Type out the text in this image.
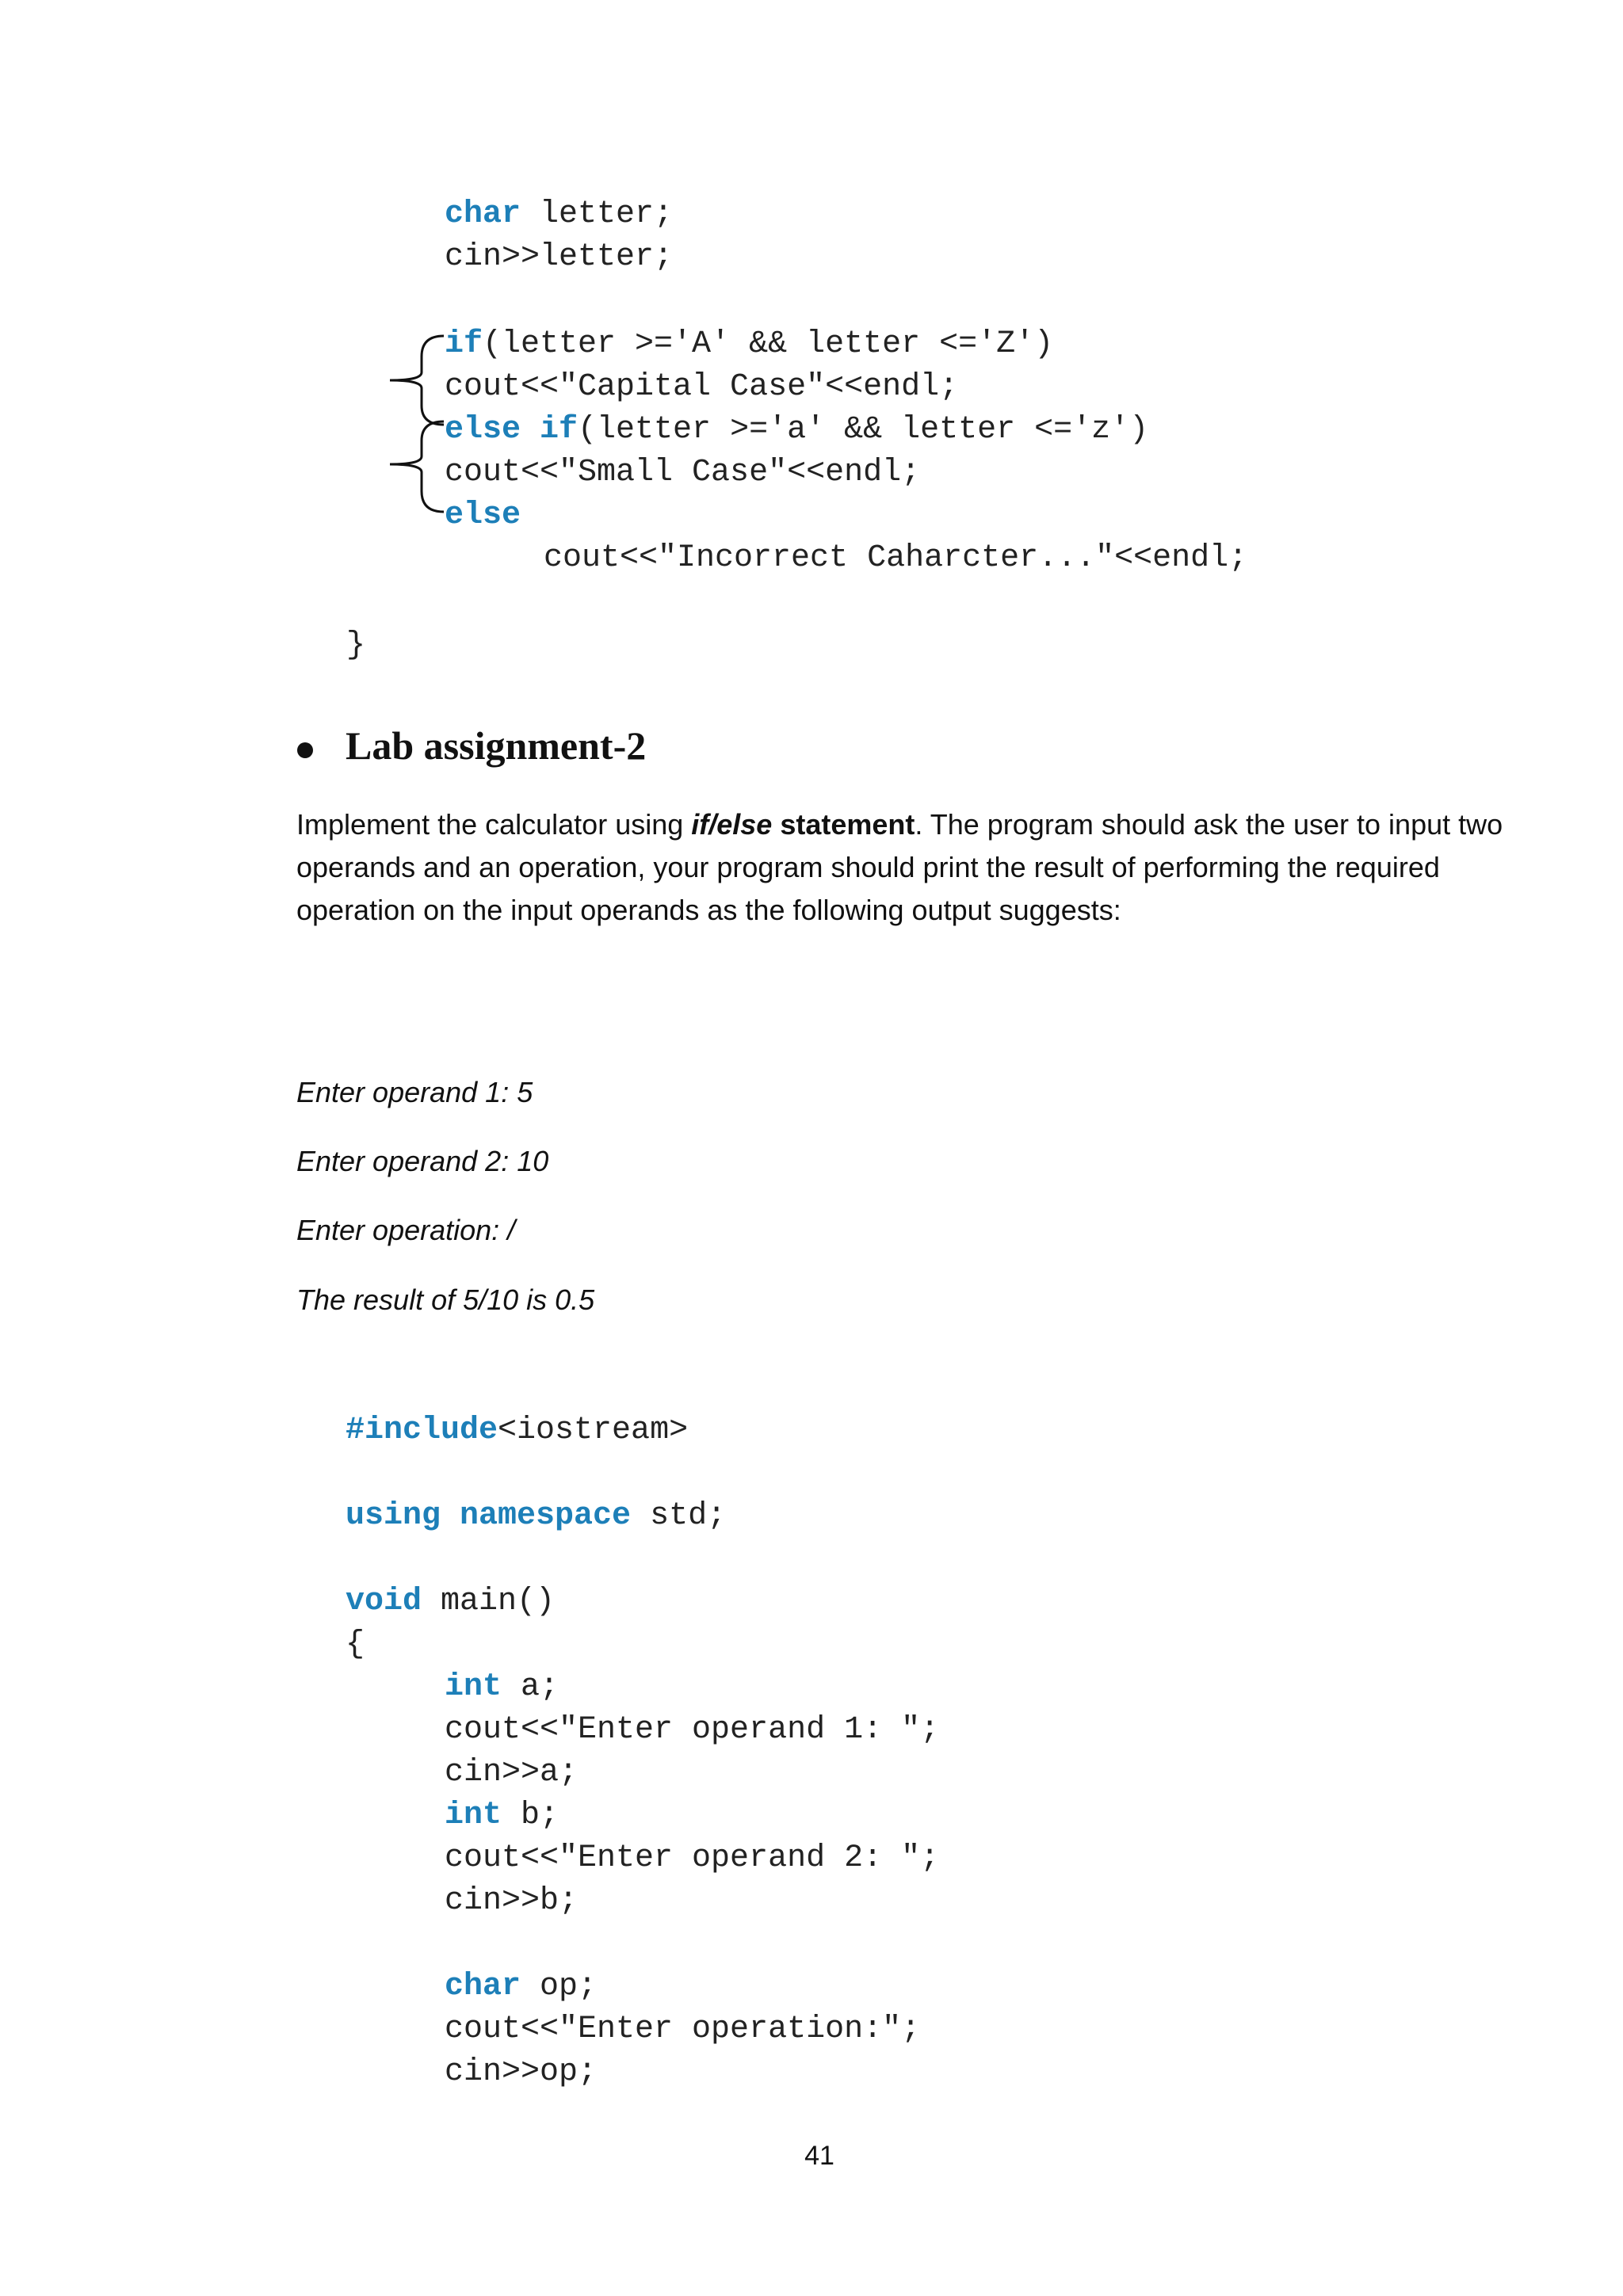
char letter;
cin>>letter;
if(letter >='A' && letter <='Z')
cout<<"Capital Case"<<endl;
else if(letter >='a' && letter <='z')
cout<<"Small Case"<<endl;
else
cout<<"Incorrect Caharcter..."<<endl;
}
Lab assignment-2
Implement the calculator using if/else statement. The program should ask the user to input two operands and an operation, your program should print the result of performing the required operation on the input operands as the following output suggests:
Enter operand 1: 5
Enter operand 2: 10
Enter operation: /
The result of 5/10 is 0.5
#include<iostream>
using namespace std;
void main()
{
int a;
cout<<"Enter operand 1: ";
cin>>a;
int b;
cout<<"Enter operand 2: ";
cin>>b;
char op;
cout<<"Enter operation:";
cin>>op;
41
